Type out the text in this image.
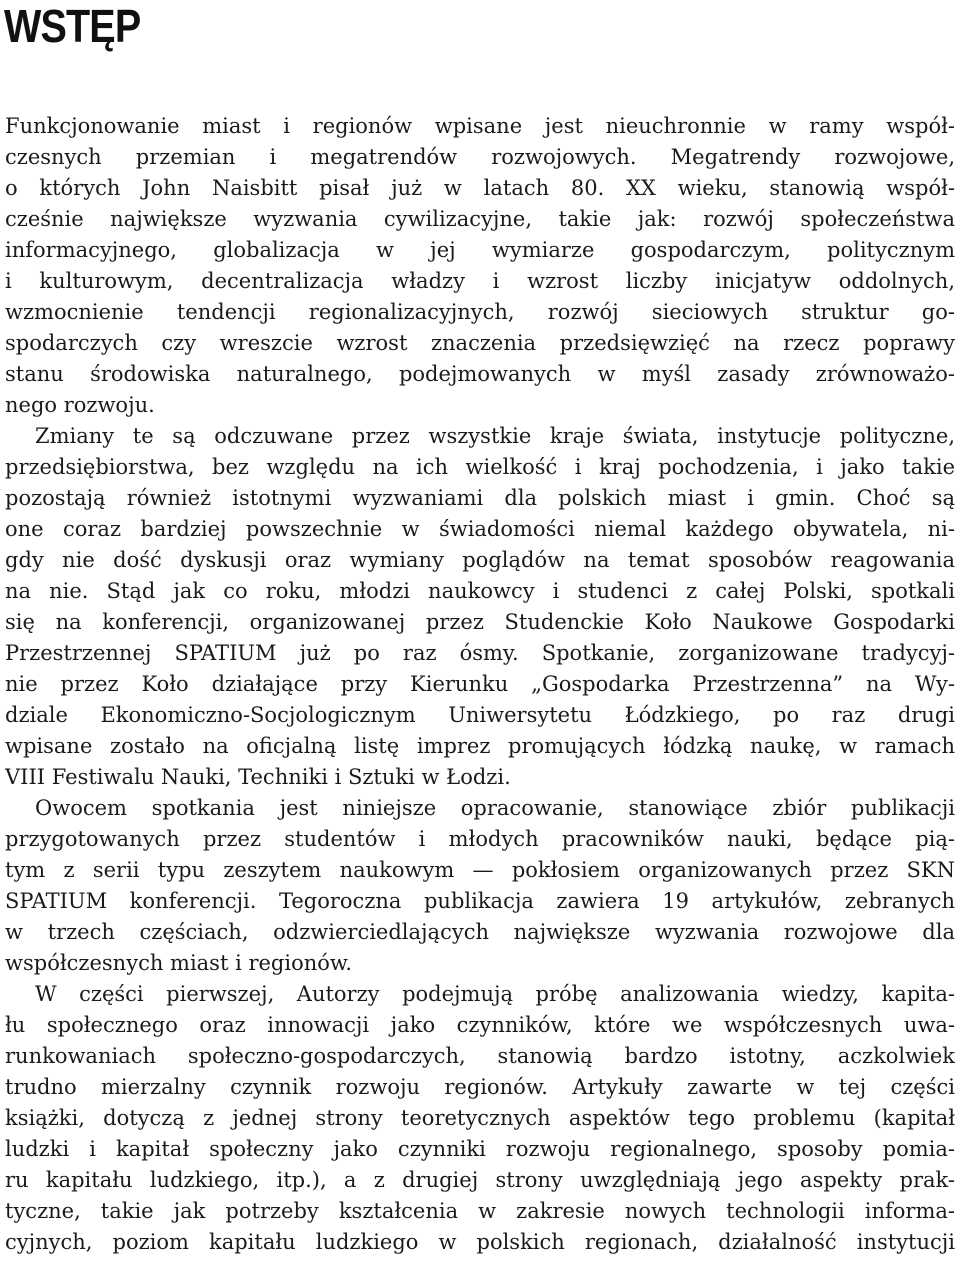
WSTĘP
Funkcjonowanie miast i regionów wpisane jest nieuchronnie w ramy współ-
czesnych przemian i megatrendów rozwojowych. Megatrendy rozwojowe,
o których John Naisbitt pisał już w latach 80. XX wieku, stanowią współ-
cześnie największe wyzwania cywilizacyjne, takie jak: rozwój społeczeństwa
informacyjnego, globalizacja w jej wymiarze gospodarczym, politycznym
i kulturowym, decentralizacja władzy i wzrost liczby inicjatyw oddolnych,
wzmocnienie tendencji regionalizacyjnych, rozwój sieciowych struktur go-
spodarczych czy wreszcie wzrost znaczenia przedsięwzięć na rzecz poprawy
stanu środowiska naturalnego, podejmowanych w myśl zasady zrównoważo-
nego rozwoju.
Zmiany te są odczuwane przez wszystkie kraje świata, instytucje polityczne,
przedsiębiorstwa, bez względu na ich wielkość i kraj pochodzenia, i jako takie
pozostają również istotnymi wyzwaniami dla polskich miast i gmin. Choć są
one coraz bardziej powszechnie w świadomości niemal każdego obywatela, ni-
gdy nie dość dyskusji oraz wymiany poglądów na temat sposobów reagowania
na nie. Stąd jak co roku, młodzi naukowcy i studenci z całej Polski, spotkali
się na konferencji, organizowanej przez Studenckie Koło Naukowe Gospodarki
Przestrzennej SPATIUM już po raz ósmy. Spotkanie, zorganizowane tradycyj-
nie przez Koło działające przy Kierunku „Gospodarka Przestrzenna” na Wy-
dziale Ekonomiczno-Socjologicznym Uniwersytetu Łódzkiego, po raz drugi
wpisane zostało na oficjalną listę imprez promujących łódzką naukę, w ramach
VIII Festiwalu Nauki, Techniki i Sztuki w Łodzi.
Owocem spotkania jest niniejsze opracowanie, stanowiące zbiór publikacji
przygotowanych przez studentów i młodych pracowników nauki, będące pią-
tym z serii typu zeszytem naukowym — pokłosiem organizowanych przez SKN
SPATIUM konferencji. Tegoroczna publikacja zawiera 19 artykułów, zebranych
w trzech częściach, odzwierciedlających największe wyzwania rozwojowe dla
współczesnych miast i regionów.
W części pierwszej, Autorzy podejmują próbę analizowania wiedzy, kapita-
łu społecznego oraz innowacji jako czynników, które we współczesnych uwa-
runkowaniach społeczno-gospodarczych, stanowią bardzo istotny, aczkolwiek
trudno mierzalny czynnik rozwoju regionów. Artykuły zawarte w tej części
książki, dotyczą z jednej strony teoretycznych aspektów tego problemu (kapitał
ludzki i kapitał społeczny jako czynniki rozwoju regionalnego, sposoby pomia-
ru kapitału ludzkiego, itp.), a z drugiej strony uwzględniają jego aspekty prak-
tyczne, takie jak potrzeby kształcenia w zakresie nowych technologii informa-
cyjnych, poziom kapitału ludzkiego w polskich regionach, działalność instytucji
